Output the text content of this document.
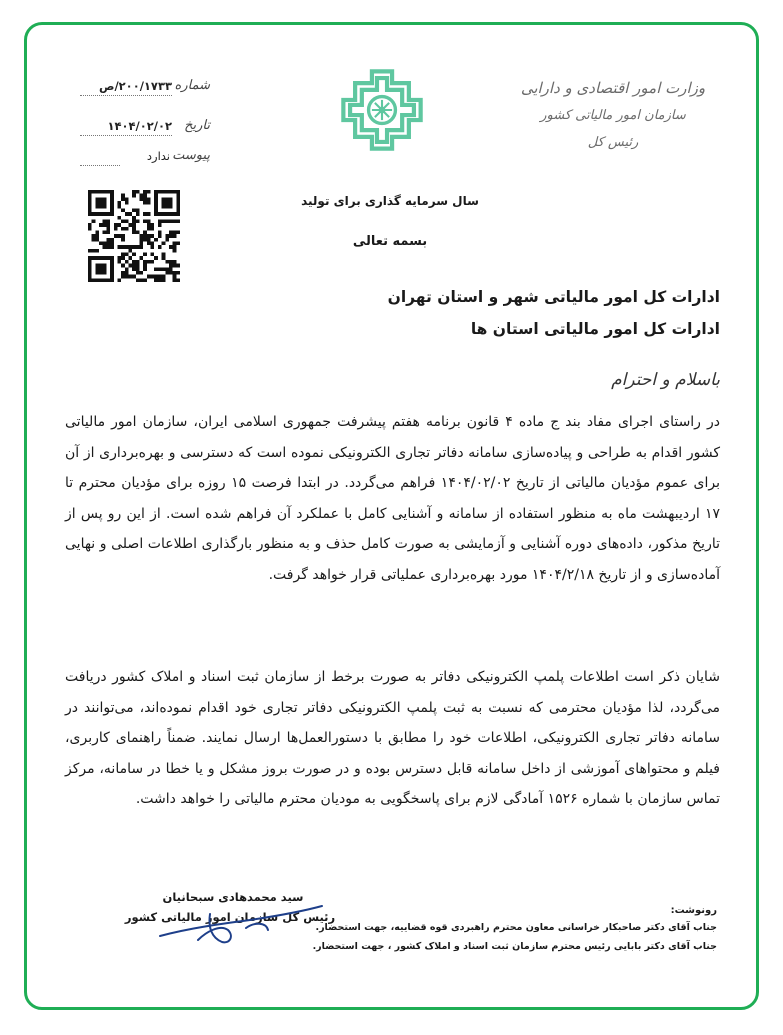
وزارت امور اقتصادی و دارایی
سازمان امور مالیاتی کشور
رئیس کل
شماره
۲۰۰/۱۷۳۳/ص
تاریخ
۱۴۰۴/۰۲/۰۲
پیوست
ندارد
سال سرمایه گذاری برای تولید
بسمه تعالی
ادارات کل امور مالیاتی شهر و استان تهران
ادارات کل امور مالیاتی استان ها
باسلام و احترام
در راستای اجرای مفاد بند ج ماده ۴ قانون برنامه هفتم پیشرفت جمهوری اسلامی ایران، سازمان امور مالیاتی کشور اقدام به طراحی و پیاده‌سازی سامانه دفاتر تجاری الکترونیکی نموده است که دسترسی و بهره‌برداری از آن برای عموم مؤدیان مالیاتی از تاریخ ۱۴۰۴/۰۲/۰۲ فراهم می‌گردد. در ابتدا فرصت ۱۵ روزه برای مؤدیان محترم تا ۱۷ اردیبهشت ماه به منظور استفاده از سامانه و آشنایی کامل با عملکرد آن فراهم شده است. از این رو پس از تاریخ مذکور، داده‌های دوره آشنایی و آزمایشی به صورت کامل حذف و به منظور بارگذاری اطلاعات اصلی و نهایی آماده‌سازی و از تاریخ ۱۴۰۴/۲/۱۸ مورد بهره‌برداری عملیاتی قرار خواهد گرفت.
شایان ذکر است اطلاعات پلمپ الکترونیکی دفاتر به صورت برخط از سازمان ثبت اسناد و املاک کشور دریافت می‌گردد، لذا مؤدیان محترمی که نسبت به ثبت پلمپ الکترونیکی دفاتر تجاری خود اقدام نموده‌اند، می‌توانند در سامانه دفاتر تجاری الکترونیکی، اطلاعات خود را مطابق با دستورالعمل‌ها ارسال نمایند. ضمناً راهنمای کاربری، فیلم و محتواهای آموزشی از داخل سامانه قابل دسترس بوده و در صورت بروز مشکل و یا خطا در سامانه، مرکز تماس سازمان با شماره ۱۵۲۶ آمادگی لازم برای پاسخگویی به مودیان محترم مالیاتی را خواهد داشت.
سید محمدهادی سبحانیان
رئیس کل سازمان امور مالیاتی کشور	رونوشت:
جناب آقای دکتر صاحبکار خراسانی معاون محترم راهبردی قوه قضاییه، جهت استحضار.
جناب آقای دکتر بابایی رئیس محترم سازمان ثبت اسناد و املاک کشور ، جهت استحضار.
